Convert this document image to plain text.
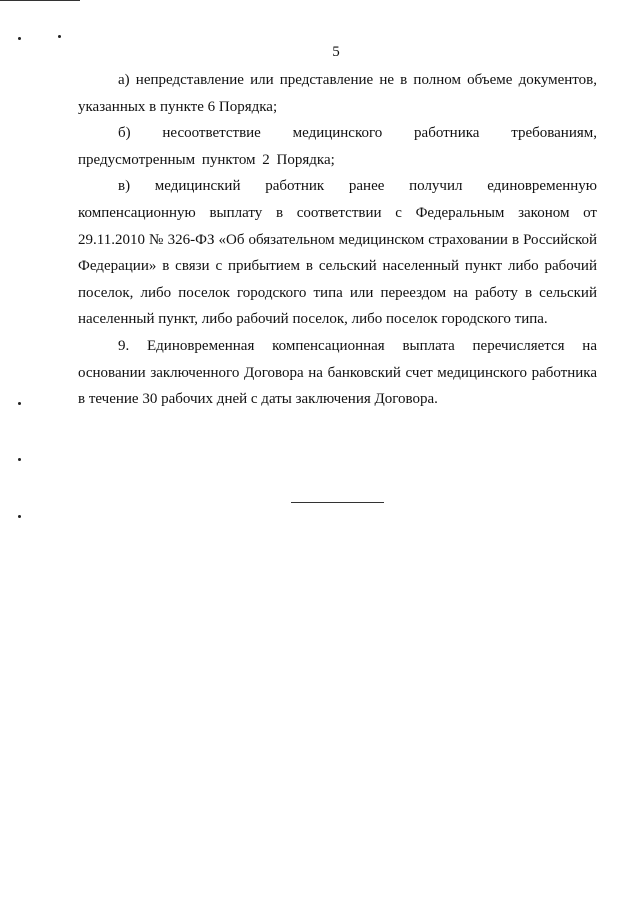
5

а) непредставление или представление не в полном объеме документов, указанных в пункте 6 Порядка;

б) несоответствие медицинского работника требованиям, предусмотренным пунктом 2 Порядка;

в) медицинский работник ранее получил единовременную компенсационную выплату в соответствии с Федеральным законом от 29.11.2010 № 326-ФЗ «Об обязательном медицинском страховании в Российской Федерации» в связи с прибытием в сельский населенный пункт либо рабочий поселок, либо поселок городского типа или переездом на работу в сельский населенный пункт, либо рабочий поселок, либо поселок городского типа.

9. Единовременная компенсационная выплата перечисляется на основании заключенного Договора на банковский счет медицинского работника в течение 30 рабочих дней с даты заключения Договора.
